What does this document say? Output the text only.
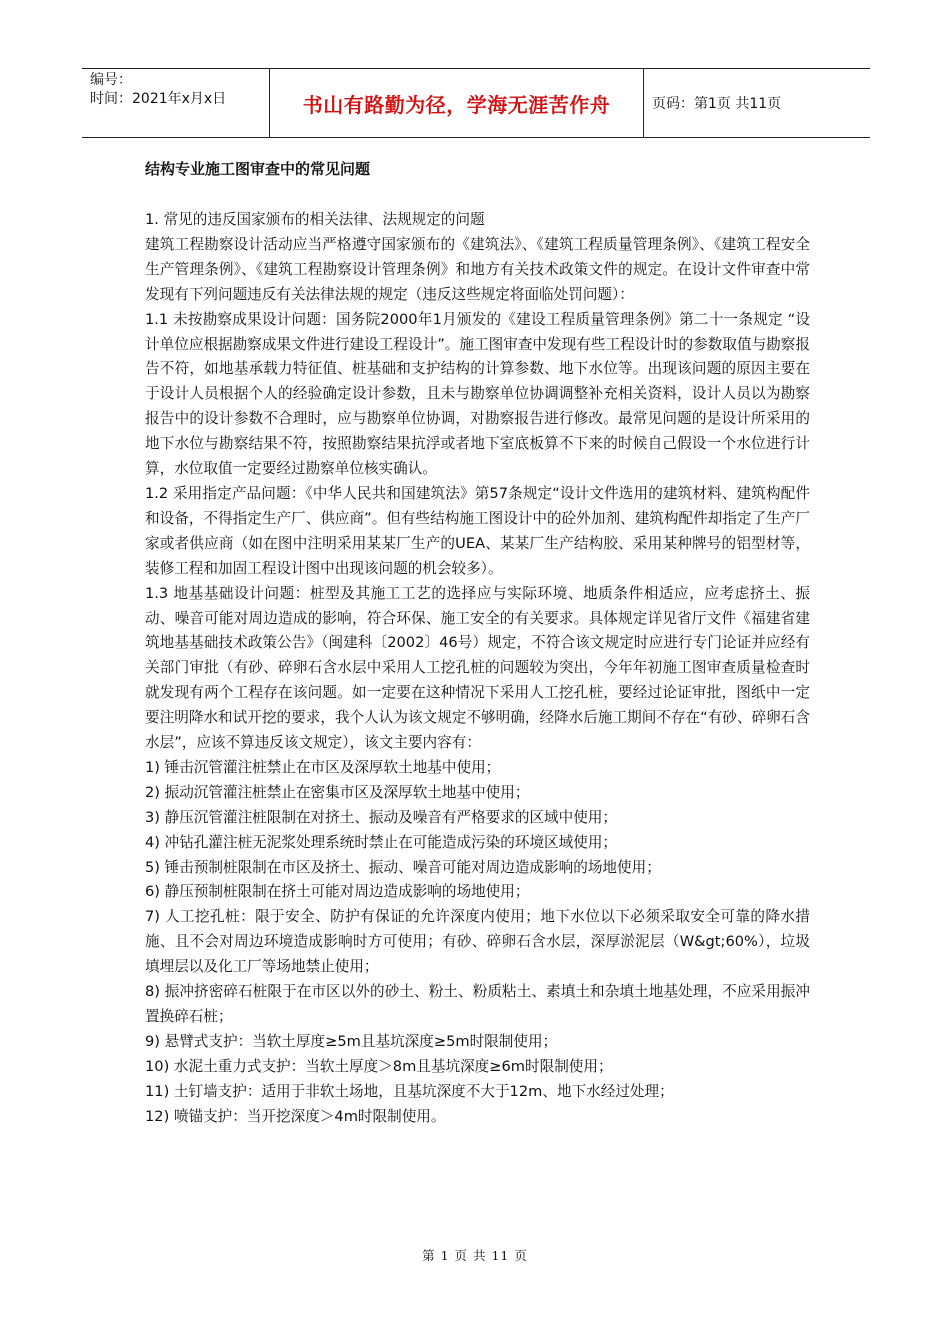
编号：
时间：2021年x月x日	书山有路勤为径，学海无涯苦作舟	页码：第1页 共11页
结构专业施工图审查中的常见问题

1. 常见的违反国家颁布的相关法律、法规规定的问题

建筑工程勘察设计活动应当严格遵守国家颁布的《建筑法》、《建筑工程质量管理条例》、《建筑工程安全生产管理条例》、《建筑工程勘察设计管理条例》和地方有关技术政策文件的规定。在设计文件审查中常发现有下列问题违反有关法律法规的规定（违反这些规定将面临处罚问题）：

1.1 未按勘察成果设计问题：国务院2000年1月颁发的《建设工程质量管理条例》第二十一条规定 “设计单位应根据勘察成果文件进行建设工程设计”。施工图审查中发现有些工程设计时的参数取值与勘察报告不符，如地基承载力特征值、桩基础和支护结构的计算参数、地下水位等。出现该问题的原因主要在于设计人员根据个人的经验确定设计参数，且未与勘察单位协调调整补充相关资料，设计人员以为勘察报告中的设计参数不合理时，应与勘察单位协调，对勘察报告进行修改。最常见问题的是设计所采用的地下水位与勘察结果不符，按照勘察结果抗浮或者地下室底板算不下来的时候自己假设一个水位进行计算，水位取值一定要经过勘察单位核实确认。

1.2 采用指定产品问题：《中华人民共和国建筑法》第57条规定“设计文件选用的建筑材料、建筑构配件和设备，不得指定生产厂、供应商”。但有些结构施工图设计中的砼外加剂、建筑构配件却指定了生产厂家或者供应商（如在图中注明采用某某厂生产的UEA、某某厂生产结构胶、采用某种牌号的铝型材等，装修工程和加固工程设计图中出现该问题的机会较多）。

1.3 地基基础设计问题：桩型及其施工工艺的选择应与实际环境、地质条件相适应，应考虑挤土、振动、噪音可能对周边造成的影响，符合环保、施工安全的有关要求。具体规定详见省厅文件《福建省建筑地基基础技术政策公告》（闽建科〔2002〕46号）规定，不符合该文规定时应进行专门论证并应经有关部门审批（有砂、碎卵石含水层中采用人工挖孔桩的问题较为突出，今年年初施工图审查质量检查时就发现有两个工程存在该问题。如一定要在这种情况下采用人工挖孔桩，要经过论证审批，图纸中一定要注明降水和试开挖的要求，我个人认为该文规定不够明确，经降水后施工期间不存在“有砂、碎卵石含水层”，应该不算违反该文规定），该文主要内容有：

1) 锤击沉管灌注桩禁止在市区及深厚软土地基中使用；

2) 振动沉管灌注桩禁止在密集市区及深厚软土地基中使用；

3) 静压沉管灌注桩限制在对挤土、振动及噪音有严格要求的区域中使用；

4) 冲钻孔灌注桩无泥浆处理系统时禁止在可能造成污染的环境区域使用；

5) 锤击预制桩限制在市区及挤土、振动、噪音可能对周边造成影响的场地使用；

6) 静压预制桩限制在挤土可能对周边造成影响的场地使用；

7) 人工挖孔桩：限于安全、防护有保证的允许深度内使用；地下水位以下必须采取安全可靠的降水措施、且不会对周边环境造成影响时方可使用；有砂、碎卵石含水层，深厚淤泥层（W&gt;60%），垃圾填埋层以及化工厂等场地禁止使用；

8) 振冲挤密碎石桩限于在市区以外的砂土、粉土、粉质粘土、素填土和杂填土地基处理，不应采用振冲置换碎石桩；

9) 悬臂式支护：当软土厚度≥5m且基坑深度≥5m时限制使用；

10) 水泥土重力式支护：当软土厚度＞8m且基坑深度≥6m时限制使用；

11) 土钉墙支护：适用于非软土场地，且基坑深度不大于12m、地下水经过处理；

12) 喷锚支护：当开挖深度＞4m时限制使用。

第 1 页 共 11 页
